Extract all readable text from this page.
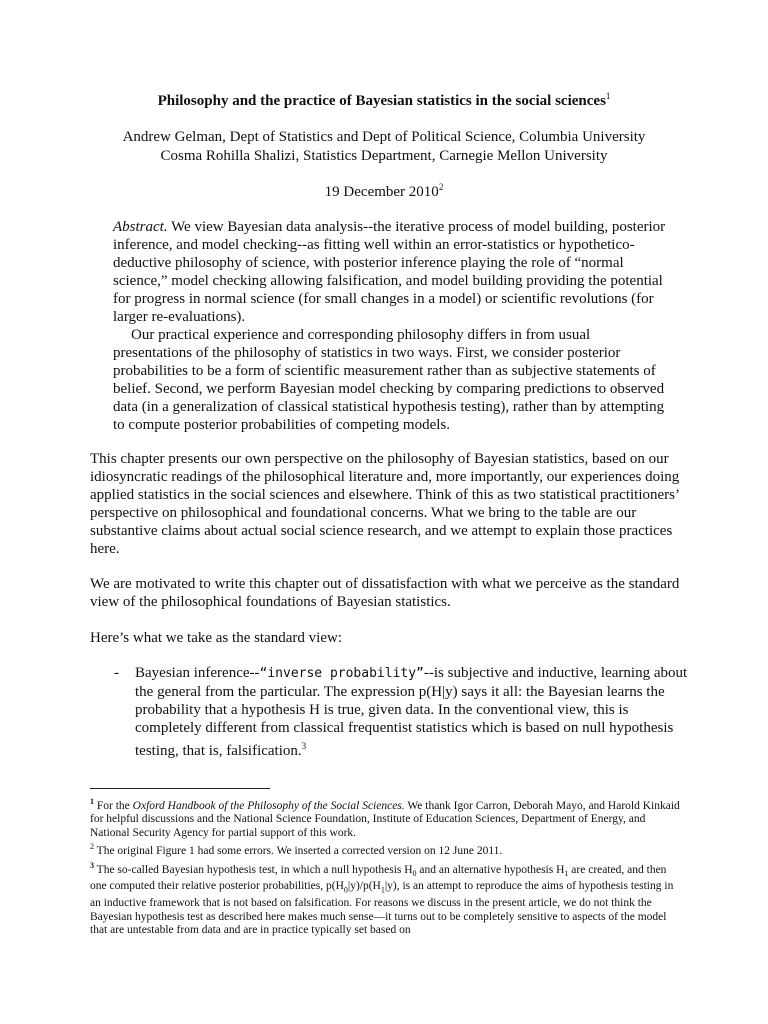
Philosophy and the practice of Bayesian statistics in the social sciences$^1$
Andrew Gelman, Dept of Statistics and Dept of Political Science, Columbia University
Cosma Rohilla Shalizi, Statistics Department, Carnegie Mellon University
19 December 2010$^2$

Abstract. We view Bayesian data analysis--the iterative process of model building, posterior inference, and model checking--as fitting well within an error-statistics or hypothetico-deductive philosophy of science, with posterior inference playing the role of “normal science,” model checking allowing falsification, and model building providing the potential for progress in normal science (for small changes in a model) or scientific revolutions (for larger re-evaluations).

Our practical experience and corresponding philosophy differs in from usual presentations of the philosophy of statistics in two ways. First, we consider posterior probabilities to be a form of scientific measurement rather than as subjective statements of belief. Second, we perform Bayesian model checking by comparing predictions to observed data (in a generalization of classical statistical hypothesis testing), rather than by attempting to compute posterior probabilities of competing models.

This chapter presents our own perspective on the philosophy of Bayesian statistics, based on our idiosyncratic readings of the philosophical literature and, more importantly, our experiences doing applied statistics in the social sciences and elsewhere. Think of this as two statistical practitioners’ perspective on philosophical and foundational concerns. What we bring to the table are our substantive claims about actual social science research, and we attempt to explain those practices here.

We are motivated to write this chapter out of dissatisfaction with what we perceive as the standard view of the philosophical foundations of Bayesian statistics.

Here’s what we take as the standard view:

- Bayesian inference--“inverse probability”--is subjective and inductive, learning about the general from the particular. The expression p(H|y) says it all: the Bayesian learns the probability that a hypothesis H is true, given data. In the conventional view, this is completely different from classical frequentist statistics which is based on null hypothesis testing, that is, falsification.$^3$

$^1$ For the Oxford Handbook of the Philosophy of the Social Sciences. We thank Igor Carron, Deborah Mayo, and Harold Kinkaid for helpful discussions and the National Science Foundation, Institute of Education Sciences, Department of Energy, and National Security Agency for partial support of this work.

$^2$ The original Figure 1 had some errors. We inserted a corrected version on 12 June 2011.

$^3$ The so-called Bayesian hypothesis test, in which a null hypothesis $H_0$ and an alternative hypothesis $H_1$ are created, and then one computed their relative posterior probabilities, $p(H_0|y)/p(H_1|y)$, is an attempt to reproduce the aims of hypothesis testing in an inductive framework that is not based on falsification. For reasons we discuss in the present article, we do not think the Bayesian hypothesis test as described here makes much sense—it turns out to be completely sensitive to aspects of the model that are untestable from data and are in practice typically set based on
